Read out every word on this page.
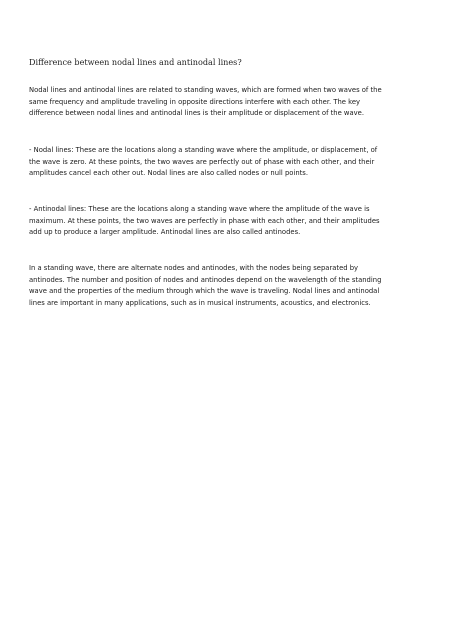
Difference between nodal lines and antinodal lines?
Nodal lines and antinodal lines are related to standing waves, which are formed when two waves of the
same frequency and amplitude traveling in opposite directions interfere with each other. The key
difference between nodal lines and antinodal lines is their amplitude or displacement of the wave.
- Nodal lines: These are the locations along a standing wave where the amplitude, or displacement, of
the wave is zero. At these points, the two waves are perfectly out of phase with each other, and their
amplitudes cancel each other out. Nodal lines are also called nodes or null points.
- Antinodal lines: These are the locations along a standing wave where the amplitude of the wave is
maximum. At these points, the two waves are perfectly in phase with each other, and their amplitudes
add up to produce a larger amplitude. Antinodal lines are also called antinodes.
In a standing wave, there are alternate nodes and antinodes, with the nodes being separated by
antinodes. The number and position of nodes and antinodes depend on the wavelength of the standing
wave and the properties of the medium through which the wave is traveling. Nodal lines and antinodal
lines are important in many applications, such as in musical instruments, acoustics, and electronics.
